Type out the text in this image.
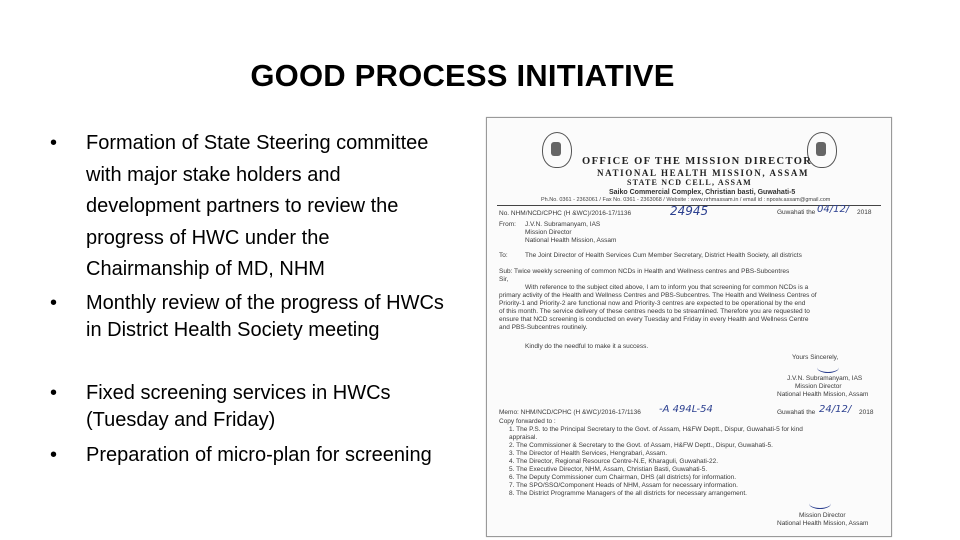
GOOD PROCESS INITIATIVE
• Formation of State Steering committee with major stake holders and development partners to review the progress of HWC under the Chairmanship of MD, NHM
• Monthly review of the progress of HWCs in District Health Society meeting
• Fixed screening services in HWCs (Tuesday and Friday)
• Preparation of micro-plan for screening
OFFICE OF THE MISSION DIRECTOR
NATIONAL HEALTH MISSION, ASSAM
STATE NCD CELL, ASSAM
Saiko Commercial Complex, Christian basti, Guwahati-5
Ph.No. 0361 - 2363061 / Fax No. 0361 - 2363068 / Website : www.nrhmassam.in / email id : nposiv.assam@gmail.com
No. NHM/NCD/CPHC (H &WC)/2016-17/1136	24945	Guwahati the 04/12/ 2018
From: J.V.N. Subramanyam, IAS
Mission Director
National Health Mission, Assam
To:	The Joint Director of Health Services Cum Member Secretary, District Health Society, all districts
Sub: Twice weekly screening of common NCDs in Health and Wellness centres and PBS-Subcentres
Sir,
With reference to the subject cited above, I am to inform you that screening for common NCDs is a
primary activity of the Health and Wellness Centres and PBS-Subcentres. The Health and Wellness Centres of
Priority-1 and Priority-2 are functional now and Priority-3 centres are expected to be operational by the end
of this month. The service delivery of these centres needs to be streamlined. Therefore you are requested to
ensure that NCD screening is conducted on every Tuesday and Friday in every Health and Wellness Centre
and PBS-Subcentres routinely.
Kindly do the needful to make it a success.
Yours Sincerely,
J.V.N. Subramanyam, IAS
Mission Director
National Health Mission, Assam
Memo: NHM/NCD/CPHC (H &WC)/2016-17/1136 -A 494L-54	Guwahati the 24/12/ 2018
Copy forwarded to :
1. The P.S. to the Principal Secretary to the Govt. of Assam, H&FW Deptt., Dispur, Guwahati-5 for kind
appraisal.
2. The Commissioner & Secretary to the Govt. of Assam, H&FW Deptt., Dispur, Guwahati-5.
3. The Director of Health Services, Hengrabari, Assam.
4. The Director, Regional Resource Centre-N.E, Kharaguli, Guwahati-22.
5. The Executive Director, NHM, Assam, Christian Basti, Guwahati-5.
6. The Deputy Commissioner cum Chairman, DHS (all districts) for information.
7. The SPO/SSO/Component Heads of NHM, Assam for necessary information.
8. The District Programme Managers of the all districts for necessary arrangement.
Mission Director
National Health Mission, Assam
